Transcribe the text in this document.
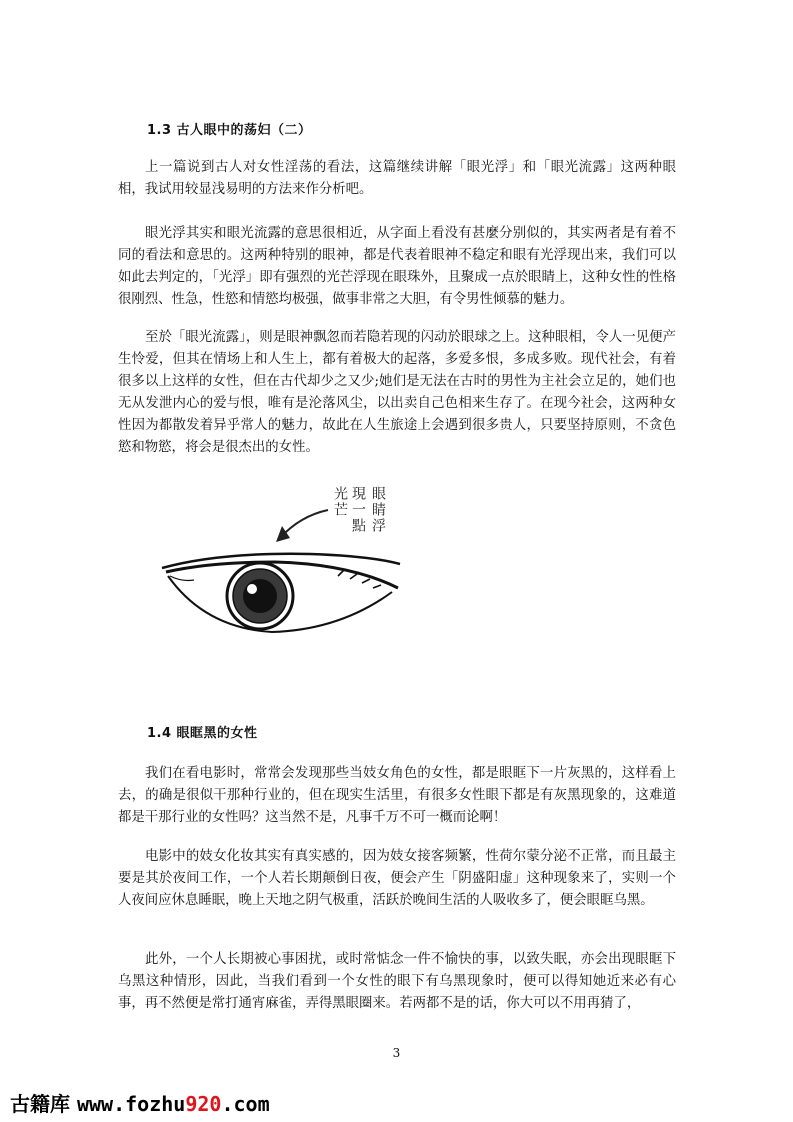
1.3 古人眼中的荡妇（二）

上一篇说到古人对女性淫荡的看法，这篇继续讲解「眼光浮」和「眼光流露」这两种眼相，我试用较显浅易明的方法来作分析吧。

眼光浮其实和眼光流露的意思很相近，从字面上看没有甚麼分别似的，其实两者是有着不同的看法和意思的。这两种特别的眼神，都是代表着眼神不稳定和眼有光浮现出来，我们可以如此去判定的，「光浮」即有强烈的光芒浮现在眼珠外，且聚成一点於眼睛上，这种女性的性格很刚烈、性急，性慾和情慾均极强，做事非常之大胆，有令男性倾慕的魅力。

至於「眼光流露」，则是眼神飘忽而若隐若现的闪动於眼球之上。这种眼相，令人一见便产生怜爱，但其在情场上和人生上，都有着极大的起落，多爱多恨，多成多败。现代社会，有着很多以上这样的女性，但在古代却少之又少;她们是无法在古时的男性为主社会立足的，她们也无从发泄内心的爱与恨，唯有是沦落风尘，以出卖自己色相来生存了。在现今社会，这两种女性因为都散发着异乎常人的魅力，故此在人生旅途上会遇到很多贵人，只要坚持原则，不贪色慾和物慾，将会是很杰出的女性。

光芒	眼睛浮現一點
1.4 眼眶黑的女性

我们在看电影时，常常会发现那些当妓女角色的女性，都是眼眶下一片灰黑的，这样看上去，的确是很似干那种行业的，但在现实生活里，有很多女性眼下都是有灰黑现象的，这难道都是干那行业的女性吗？这当然不是，凡事千万不可一概而论啊！

电影中的妓女化妆其实有真实感的，因为妓女接客频繁，性荷尔蒙分泌不正常，而且最主要是其於夜间工作，一个人若长期颠倒日夜，便会产生「阴盛阳虚」这种现象来了，实则一个人夜间应休息睡眠，晚上天地之阴气极重，活跃於晚间生活的人吸收多了，便会眼眶乌黑。

此外，一个人长期被心事困扰，或时常惦念一件不愉快的事，以致失眠，亦会出现眼眶下乌黑这种情形，因此，当我们看到一个女性的眼下有乌黑现象时，便可以得知她近来必有心事，再不然便是常打通宵麻雀，弄得黑眼圈来。若两都不是的话，你大可以不用再猜了，

3
古籍库 www.fozhu920.com
